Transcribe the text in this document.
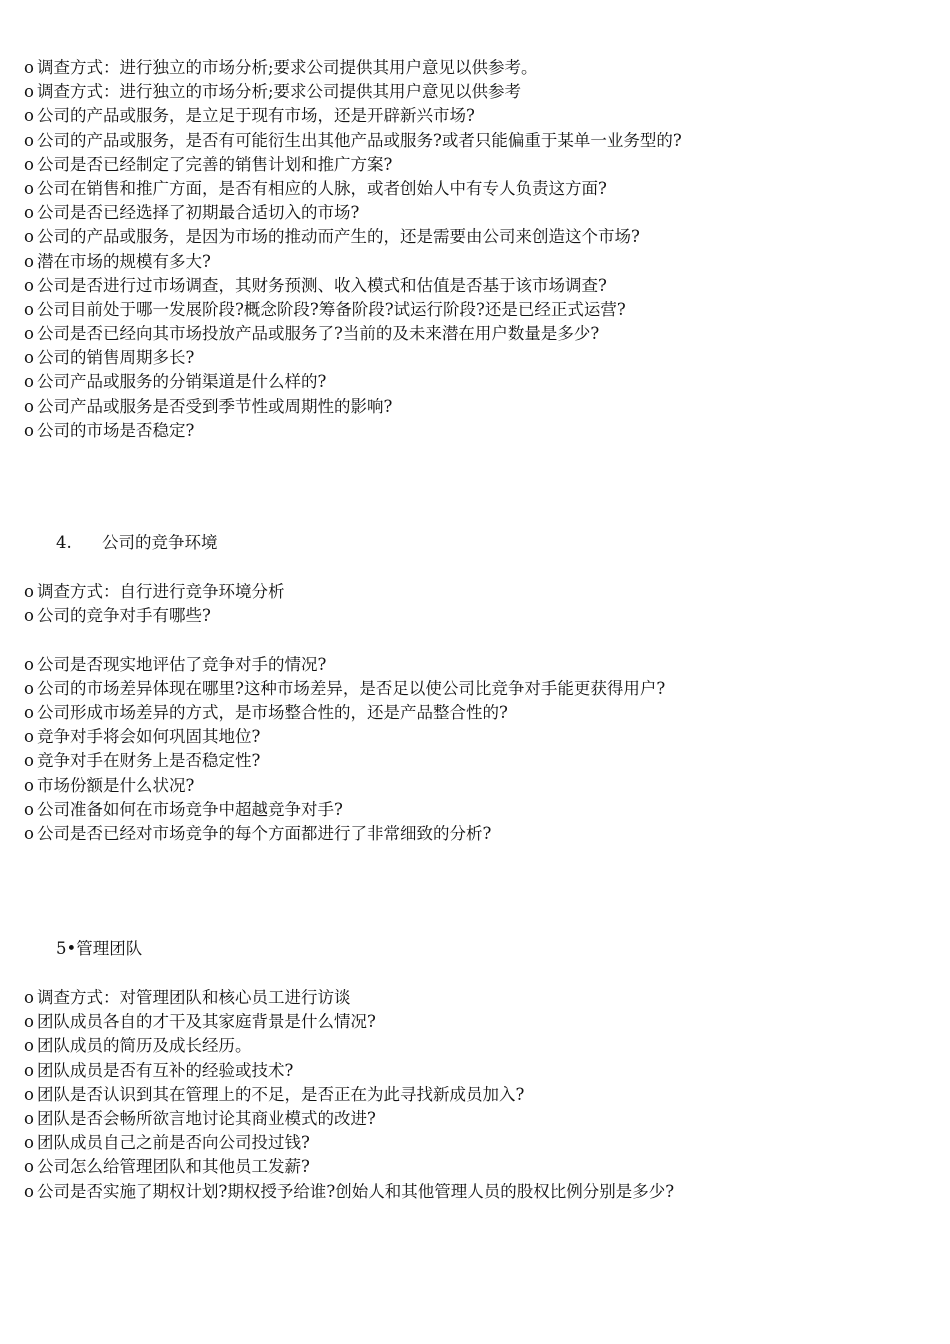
o 调查方式：进行独立的市场分析;要求公司提供其用户意见以供参考。
o 调查方式：进行独立的市场分析;要求公司提供其用户意见以供参考
o 公司的产品或服务，是立足于现有市场，还是开辟新兴市场?
o 公司的产品或服务，是否有可能衍生出其他产品或服务?或者只能偏重于某单一业务型的?
o 公司是否已经制定了完善的销售计划和推广方案?
o 公司在销售和推广方面，是否有相应的人脉，或者创始人中有专人负责这方面?
o 公司是否已经选择了初期最合适切入的市场?
o 公司的产品或服务，是因为市场的推动而产生的，还是需要由公司来创造这个市场?
o 潜在市场的规模有多大?
o 公司是否进行过市场调查，其财务预测、收入模式和估值是否基于该市场调查?
o 公司目前处于哪一发展阶段?概念阶段?筹备阶段?试运行阶段?还是已经正式运营?
o 公司是否已经向其市场投放产品或服务了?当前的及未来潜在用户数量是多少?
o 公司的销售周期多长?
o 公司产品或服务的分销渠道是什么样的?
o 公司产品或服务是否受到季节性或周期性的影响?
o 公司的市场是否稳定?
4. 公司的竞争环境
o 调查方式：自行进行竞争环境分析
o 公司的竞争对手有哪些?
o 公司是否现实地评估了竞争对手的情况?
o 公司的市场差异体现在哪里?这种市场差异，是否足以使公司比竞争对手能更获得用户?
o 公司形成市场差异的方式，是市场整合性的，还是产品整合性的?
o 竞争对手将会如何巩固其地位?
o 竞争对手在财务上是否稳定性?
o 市场份额是什么状况?
o 公司准备如何在市场竞争中超越竞争对手?
o 公司是否已经对市场竞争的每个方面都进行了非常细致的分析?
5•管理团队
o 调查方式：对管理团队和核心员工进行访谈
o 团队成员各自的才干及其家庭背景是什么情况?
o 团队成员的简历及成长经历。
o 团队成员是否有互补的经验或技术?
o 团队是否认识到其在管理上的不足，是否正在为此寻找新成员加入?
o 团队是否会畅所欲言地讨论其商业模式的改进?
o 团队成员自己之前是否向公司投过钱?
o 公司怎么给管理团队和其他员工发薪?
o 公司是否实施了期权计划?期权授予给谁?创始人和其他管理人员的股权比例分别是多少?
